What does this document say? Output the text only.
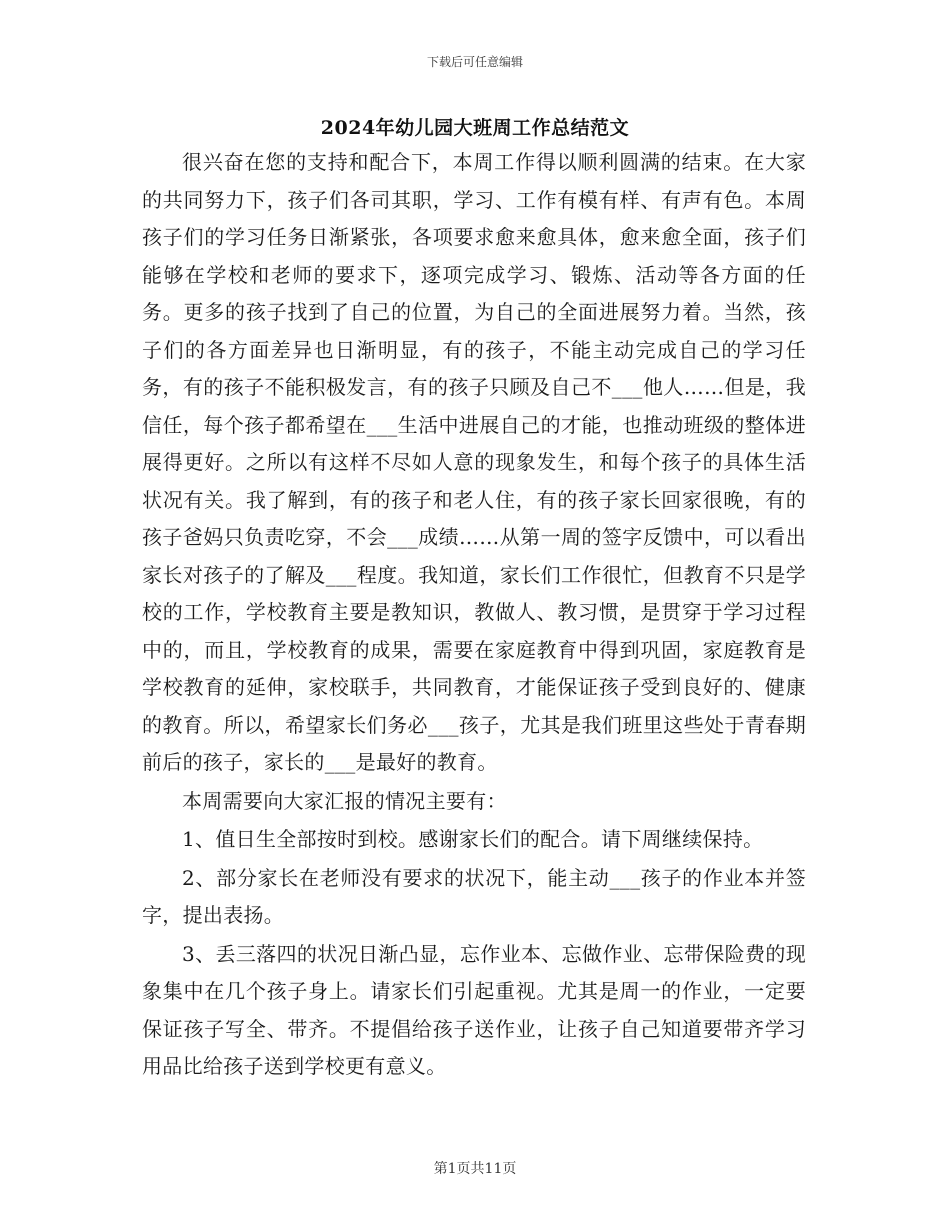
下载后可任意编辑
2024年幼儿园大班周工作总结范文

很兴奋在您的支持和配合下，本周工作得以顺利圆满的结束。在大家的共同努力下，孩子们各司其职，学习、工作有模有样、有声有色。本周孩子们的学习任务日渐紧张，各项要求愈来愈具体，愈来愈全面，孩子们能够在学校和老师的要求下，逐项完成学习、锻炼、活动等各方面的任务。更多的孩子找到了自己的位置，为自己的全面进展努力着。当然，孩子们的各方面差异也日渐明显，有的孩子，不能主动完成自己的学习任务，有的孩子不能积极发言，有的孩子只顾及自己不___他人……但是，我信任，每个孩子都希望在___生活中进展自己的才能，也推动班级的整体进展得更好。之所以有这样不尽如人意的现象发生，和每个孩子的具体生活状况有关。我了解到，有的孩子和老人住，有的孩子家长回家很晚，有的孩子爸妈只负责吃穿，不会___成绩……从第一周的签字反馈中，可以看出家长对孩子的了解及___程度。我知道，家长们工作很忙，但教育不只是学校的工作，学校教育主要是教知识，教做人、教习惯，是贯穿于学习过程中的，而且，学校教育的成果，需要在家庭教育中得到巩固，家庭教育是学校教育的延伸，家校联手，共同教育，才能保证孩子受到良好的、健康的教育。所以，希望家长们务必___孩子，尤其是我们班里这些处于青春期前后的孩子，家长的___是最好的教育。

本周需要向大家汇报的情况主要有：

1、值日生全部按时到校。感谢家长们的配合。请下周继续保持。

2、部分家长在老师没有要求的状况下，能主动___孩子的作业本并签字，提出表扬。

3、丢三落四的状况日渐凸显，忘作业本、忘做作业、忘带保险费的现象集中在几个孩子身上。请家长们引起重视。尤其是周一的作业，一定要保证孩子写全、带齐。不提倡给孩子送作业，让孩子自己知道要带齐学习用品比给孩子送到学校更有意义。

第1页共11页
